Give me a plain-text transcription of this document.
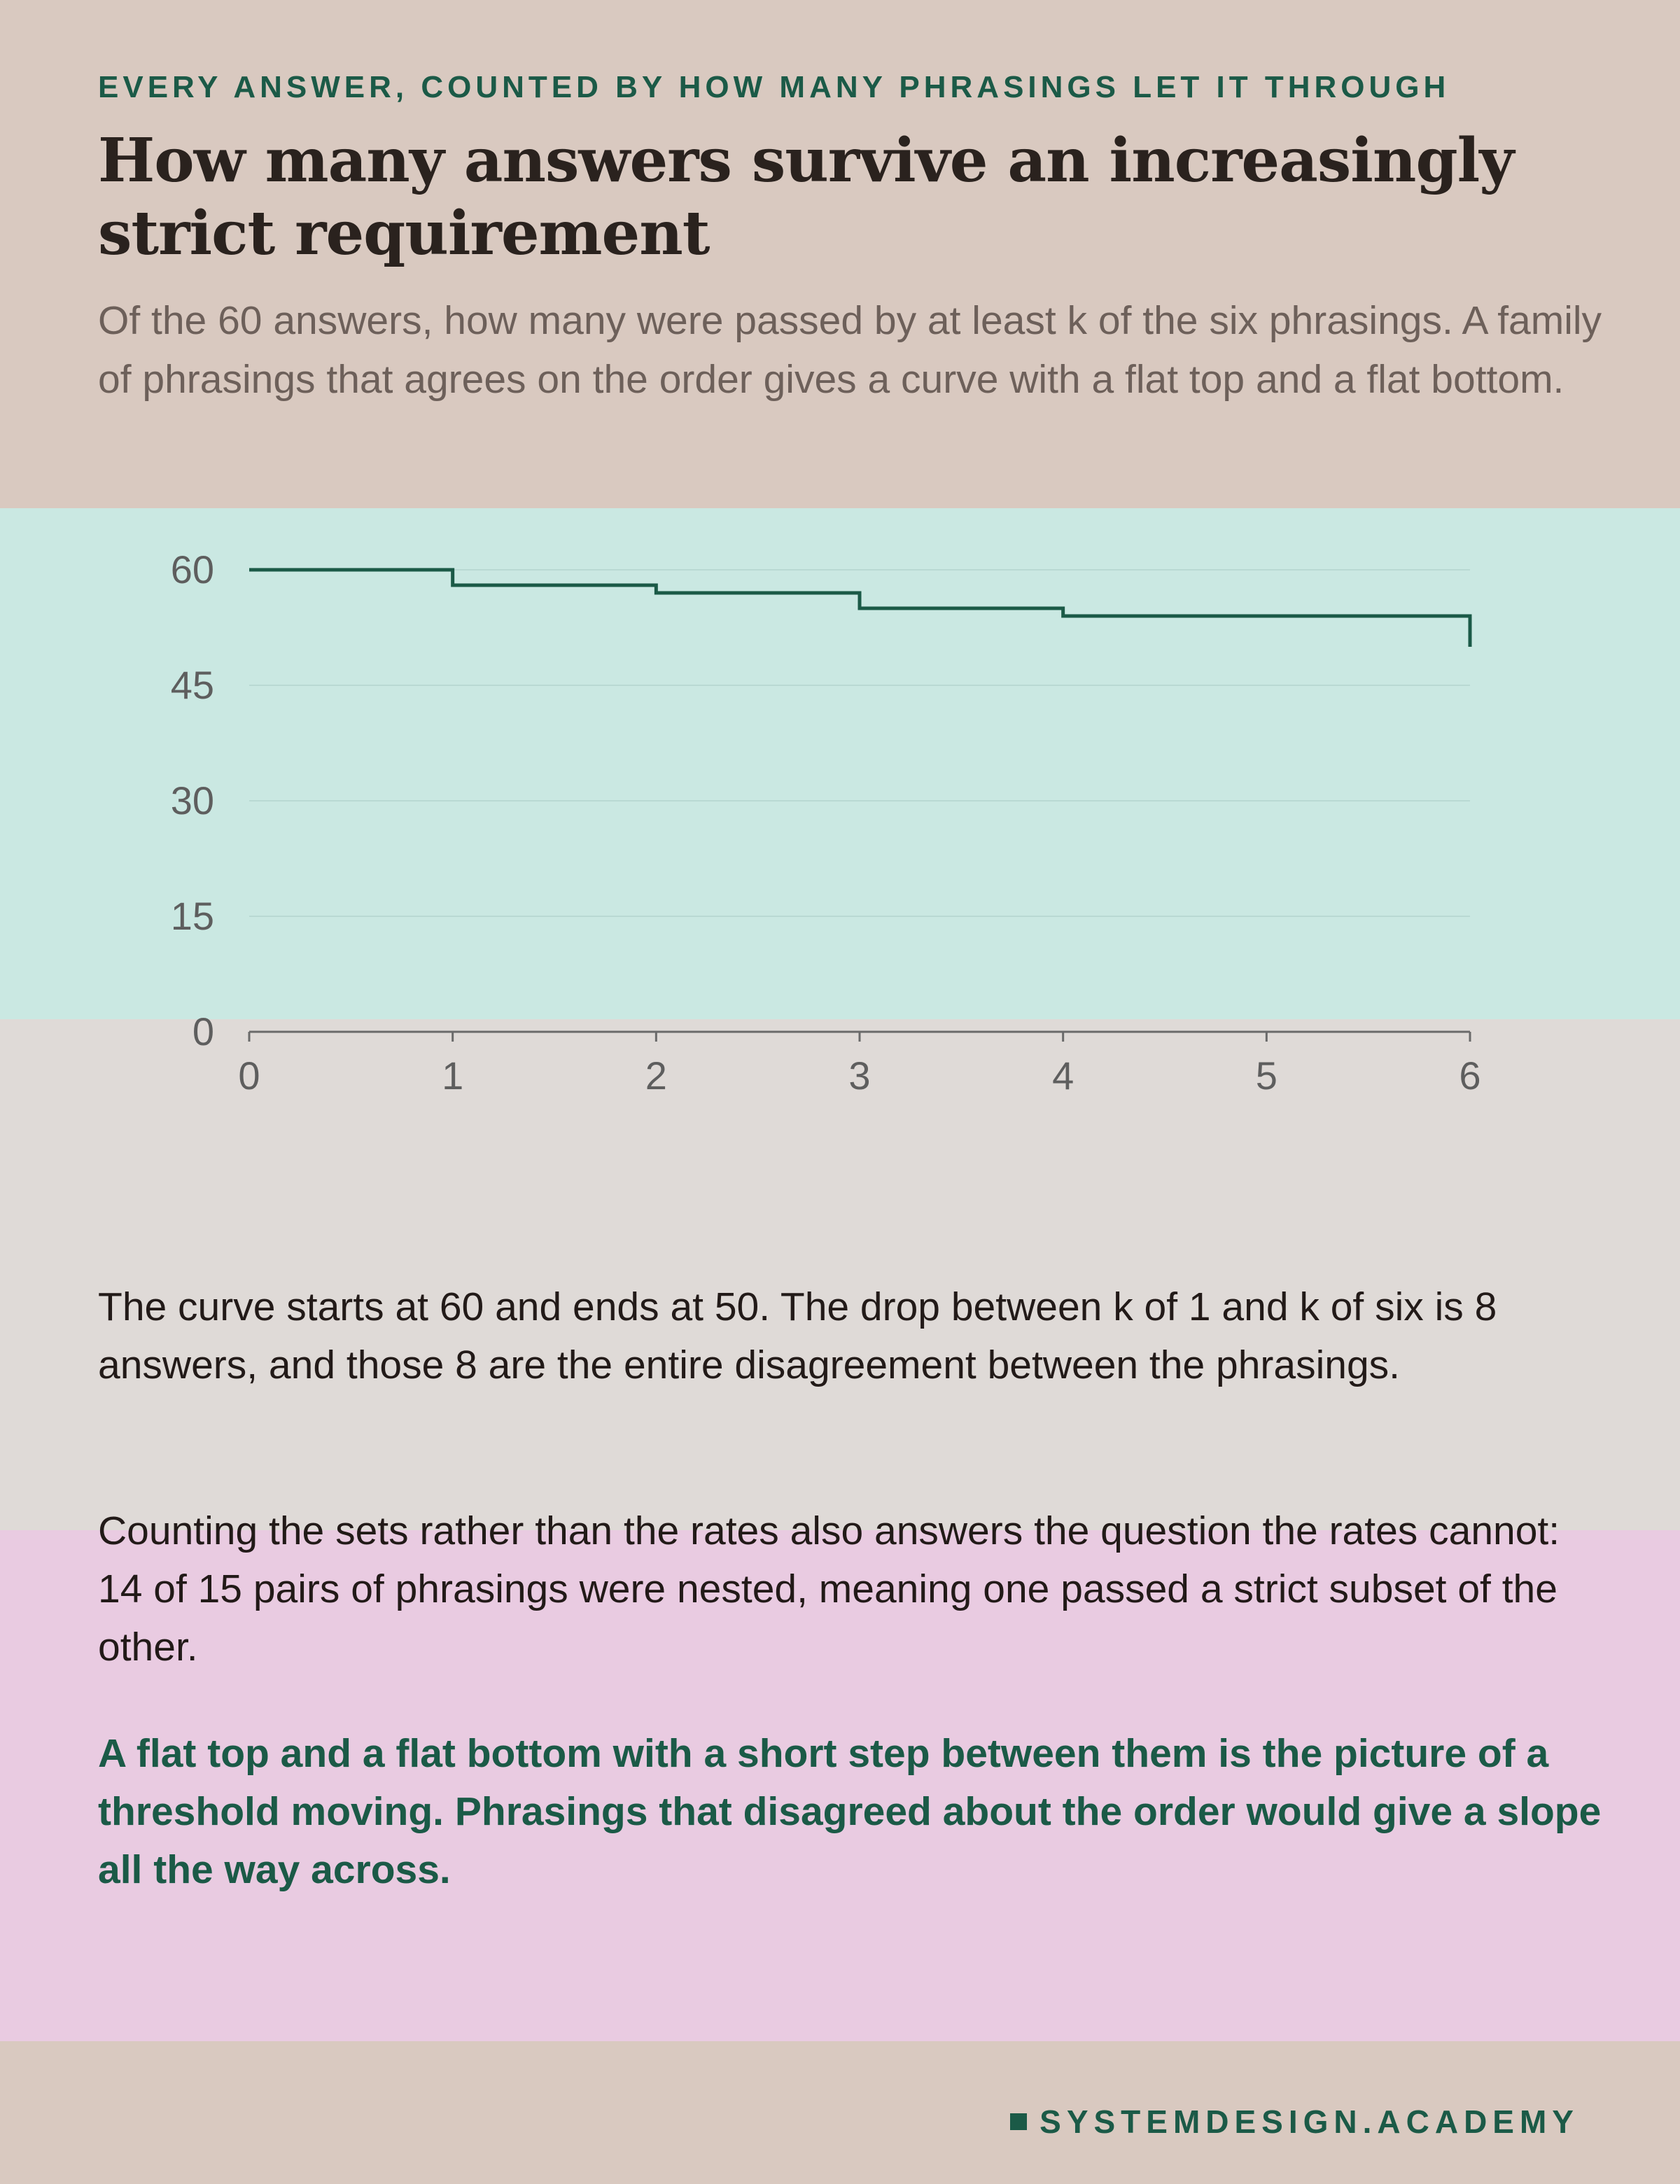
EVERY ANSWER, COUNTED BY HOW MANY PHRASINGS LET IT THROUGH
How many answers survive an increasingly strict requirement

Of the 60 answers, how many were passed by at least k of the six phrasings. A family of phrasings that agrees on the order gives a curve with a flat top and a flat bottom.

0
15
30
45
60
0	1	2	3	4	5	6

The curve starts at 60 and ends at 50. The drop between k of 1 and k of six is 8 answers, and those 8 are the entire disagreement between the phrasings.

Counting the sets rather than the rates also answers the question the rates cannot: 14 of 15 pairs of phrasings were nested, meaning one passed a strict subset of the other.

A flat top and a flat bottom with a short step between them is the picture of a threshold moving. Phrasings that disagreed about the order would give a slope all the way across.

SYSTEMDESIGN.ACADEMY
